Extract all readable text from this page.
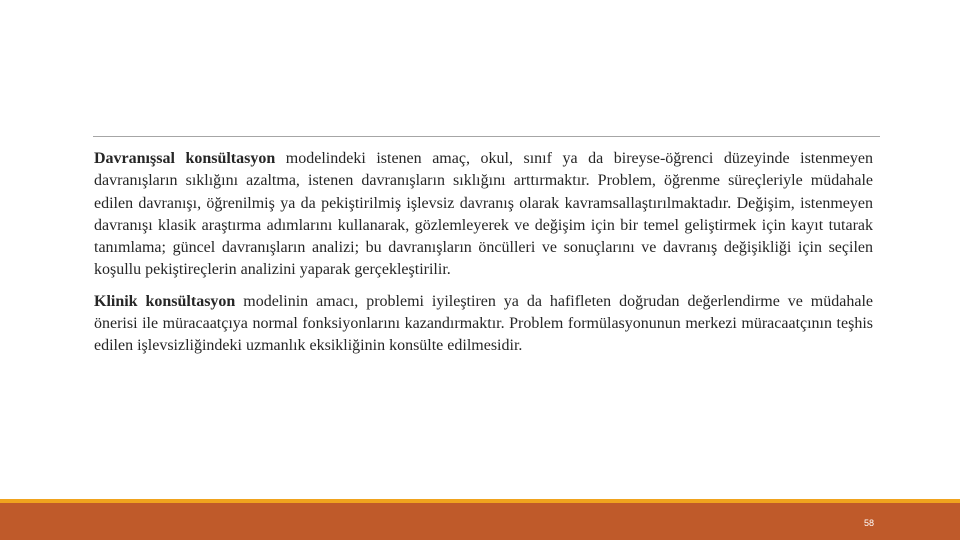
Davranışsal konsültasyon modelindeki istenen amaç, okul, sınıf ya da bireyse-öğrenci düzeyinde istenmeyen davranışların sıklığını azaltma, istenen davranışların sıklığını arttırmaktır. Problem, öğrenme süreçleriyle müdahale edilen davranışı, öğrenilmiş ya da pekiştirilmiş işlevsiz davranış olarak kavramsallaştırılmaktadır. Değişim, istenmeyen davranışı klasik araştırma adımlarını kullanarak, gözlemleyerek ve değişim için bir temel geliştirmek için kayıt tutarak tanımlama; güncel davranışların analizi; bu davranışların öncülleri ve sonuçlarını ve davranış değişikliği için seçilen koşullu pekiştireçlerin analizini yaparak gerçekleştirilir.

Klinik konsültasyon modelinin amacı, problemi iyileştiren ya da hafifleten doğrudan değerlendirme ve müdahale önerisi ile müracaatçıya normal fonksiyonlarını kazandırmaktır. Problem formülasyonunun merkezi müracaatçının teşhis edilen işlevsizliğindeki uzmanlık eksikliğinin konsülte edilmesidir.

58
